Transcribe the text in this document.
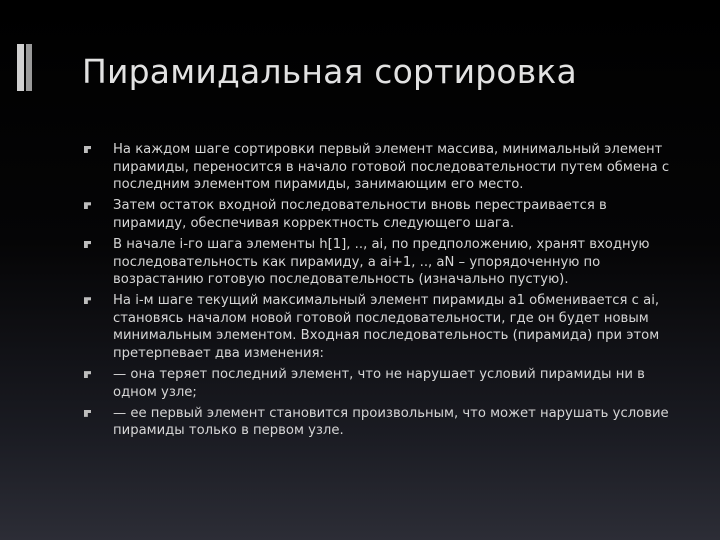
Пирамидальная сортировка
На каждом шаге сортировки первый элемент массива, минимальный элемент пирамиды, переносится в начало готовой последовательности путем обмена с последним элементом пирамиды, занимающим его место.
Затем остаток входной последовательности вновь перестраивается в пирамиду, обеспечивая корректность следующего шага.
В начале i-го шага элементы h[1], .., ai, по предположению, хранят входную последовательность как пирамиду, а ai+1, .., aN – упорядоченную по возрастанию готовую последовательность (изначально пустую).
На i-м шаге текущий максимальный элемент пирамиды a1 обменивается с ai, становясь началом новой готовой последовательности, где он будет новым минимальным элементом. Входная последовательность (пирамида) при этом претерпевает два изменения:
— она теряет последний элемент, что не нарушает условий пирамиды ни в одном узле;
— ее первый элемент становится произвольным, что может нарушать условие пирамиды только в первом узле.
